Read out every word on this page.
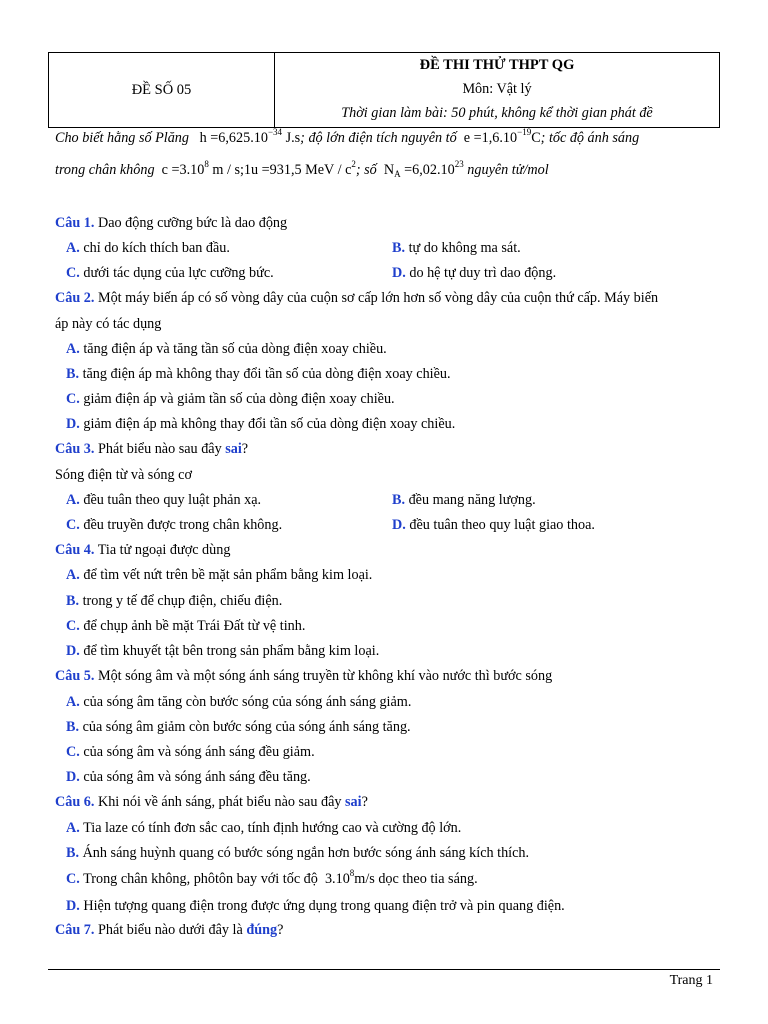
ĐỀ SỐ 05
ĐỀ THI THỬ THPT QG
Môn: Vật lý
Thời gian làm bài: 50 phút, không kể thời gian phát đề
Cho biết hằng số Plăng $h =6,625.10^{-34}$ J.s; độ lớn điện tích nguyên tố $e =1,6.10^{-19}C$; tốc độ ánh sáng
trong chân không $c =3.10^8$ m / s;1u =931,5 MeV / $c^2$; số $N_A =6,02.10^{23}$ nguyên tử/mol
Câu 1. Dao động cưỡng bức là dao động
A. chỉ do kích thích ban đầu.	B. tự do không ma sát.
C. dưới tác dụng của lực cưỡng bức.	D. do hệ tự duy trì dao động.
Câu 2. Một máy biến áp có số vòng dây của cuộn sơ cấp lớn hơn số vòng dây của cuộn thứ cấp. Máy biến
áp này có tác dụng
A. tăng điện áp và tăng tần số của dòng điện xoay chiều.
B. tăng điện áp mà không thay đổi tần số của dòng điện xoay chiều.
C. giảm điện áp và giảm tần số của dòng điện xoay chiều.
D. giảm điện áp mà không thay đổi tần số của dòng điện xoay chiều.
Câu 3. Phát biểu nào sau đây sai?
Sóng điện từ và sóng cơ
A. đều tuân theo quy luật phản xạ.	B. đều mang năng lượng.
C. đều truyền được trong chân không.	D. đều tuân theo quy luật giao thoa.
Câu 4. Tia tử ngoại được dùng
A. để tìm vết nứt trên bề mặt sản phẩm bằng kim loại.
B. trong y tế để chụp điện, chiếu điện.
C. để chụp ảnh bề mặt Trái Đất từ vệ tinh.
D. để tìm khuyết tật bên trong sản phẩm bằng kim loại.
Câu 5. Một sóng âm và một sóng ánh sáng truyền từ không khí vào nước thì bước sóng
A. của sóng âm tăng còn bước sóng của sóng ánh sáng giảm.
B. của sóng âm giảm còn bước sóng của sóng ánh sáng tăng.
C. của sóng âm và sóng ánh sáng đều giảm.
D. của sóng âm và sóng ánh sáng đều tăng.
Câu 6. Khi nói về ánh sáng, phát biểu nào sau đây sai?
A. Tia laze có tính đơn sắc cao, tính định hướng cao và cường độ lớn.
B. Ánh sáng huỳnh quang có bước sóng ngắn hơn bước sóng ánh sáng kích thích.
C. Trong chân không, phôtôn bay với tốc độ 3.10$^8$m/s dọc theo tia sáng.
D. Hiện tượng quang điện trong được ứng dụng trong quang điện trở và pin quang điện.
Câu 7. Phát biểu nào dưới đây là đúng?
Trang 1
